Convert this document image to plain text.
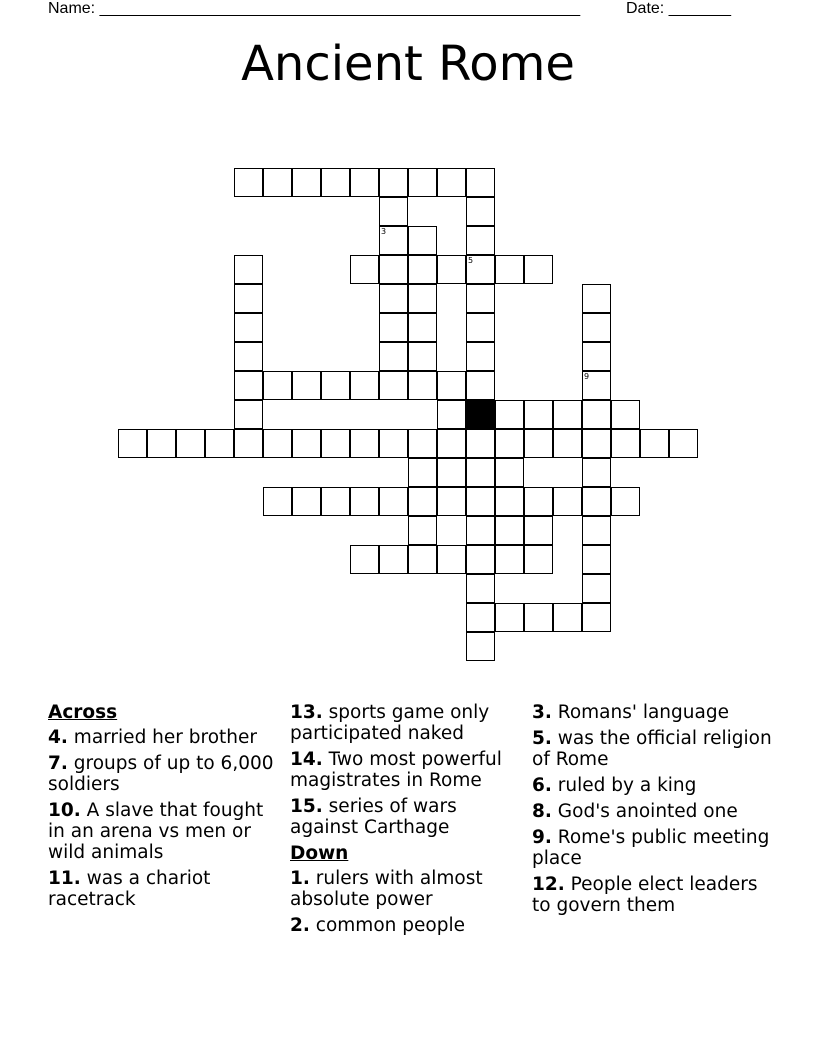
Name: ______________________________________________________	Date: _______
Ancient Rome
5
3
9
Across
4. married her brother
7. groups of up to 6,000 soldiers
10. A slave that fought in an arena vs men or wild animals
11. was a chariot racetrack
13. sports game only participated naked
14. Two most powerful magistrates in Rome
15. series of wars against Carthage
Down
1. rulers with almost absolute power
2. common people
3. Romans' language
5. was the official religion of Rome
6. ruled by a king
8. God's anointed one
9. Rome's public meeting place
12. People elect leaders to govern them
